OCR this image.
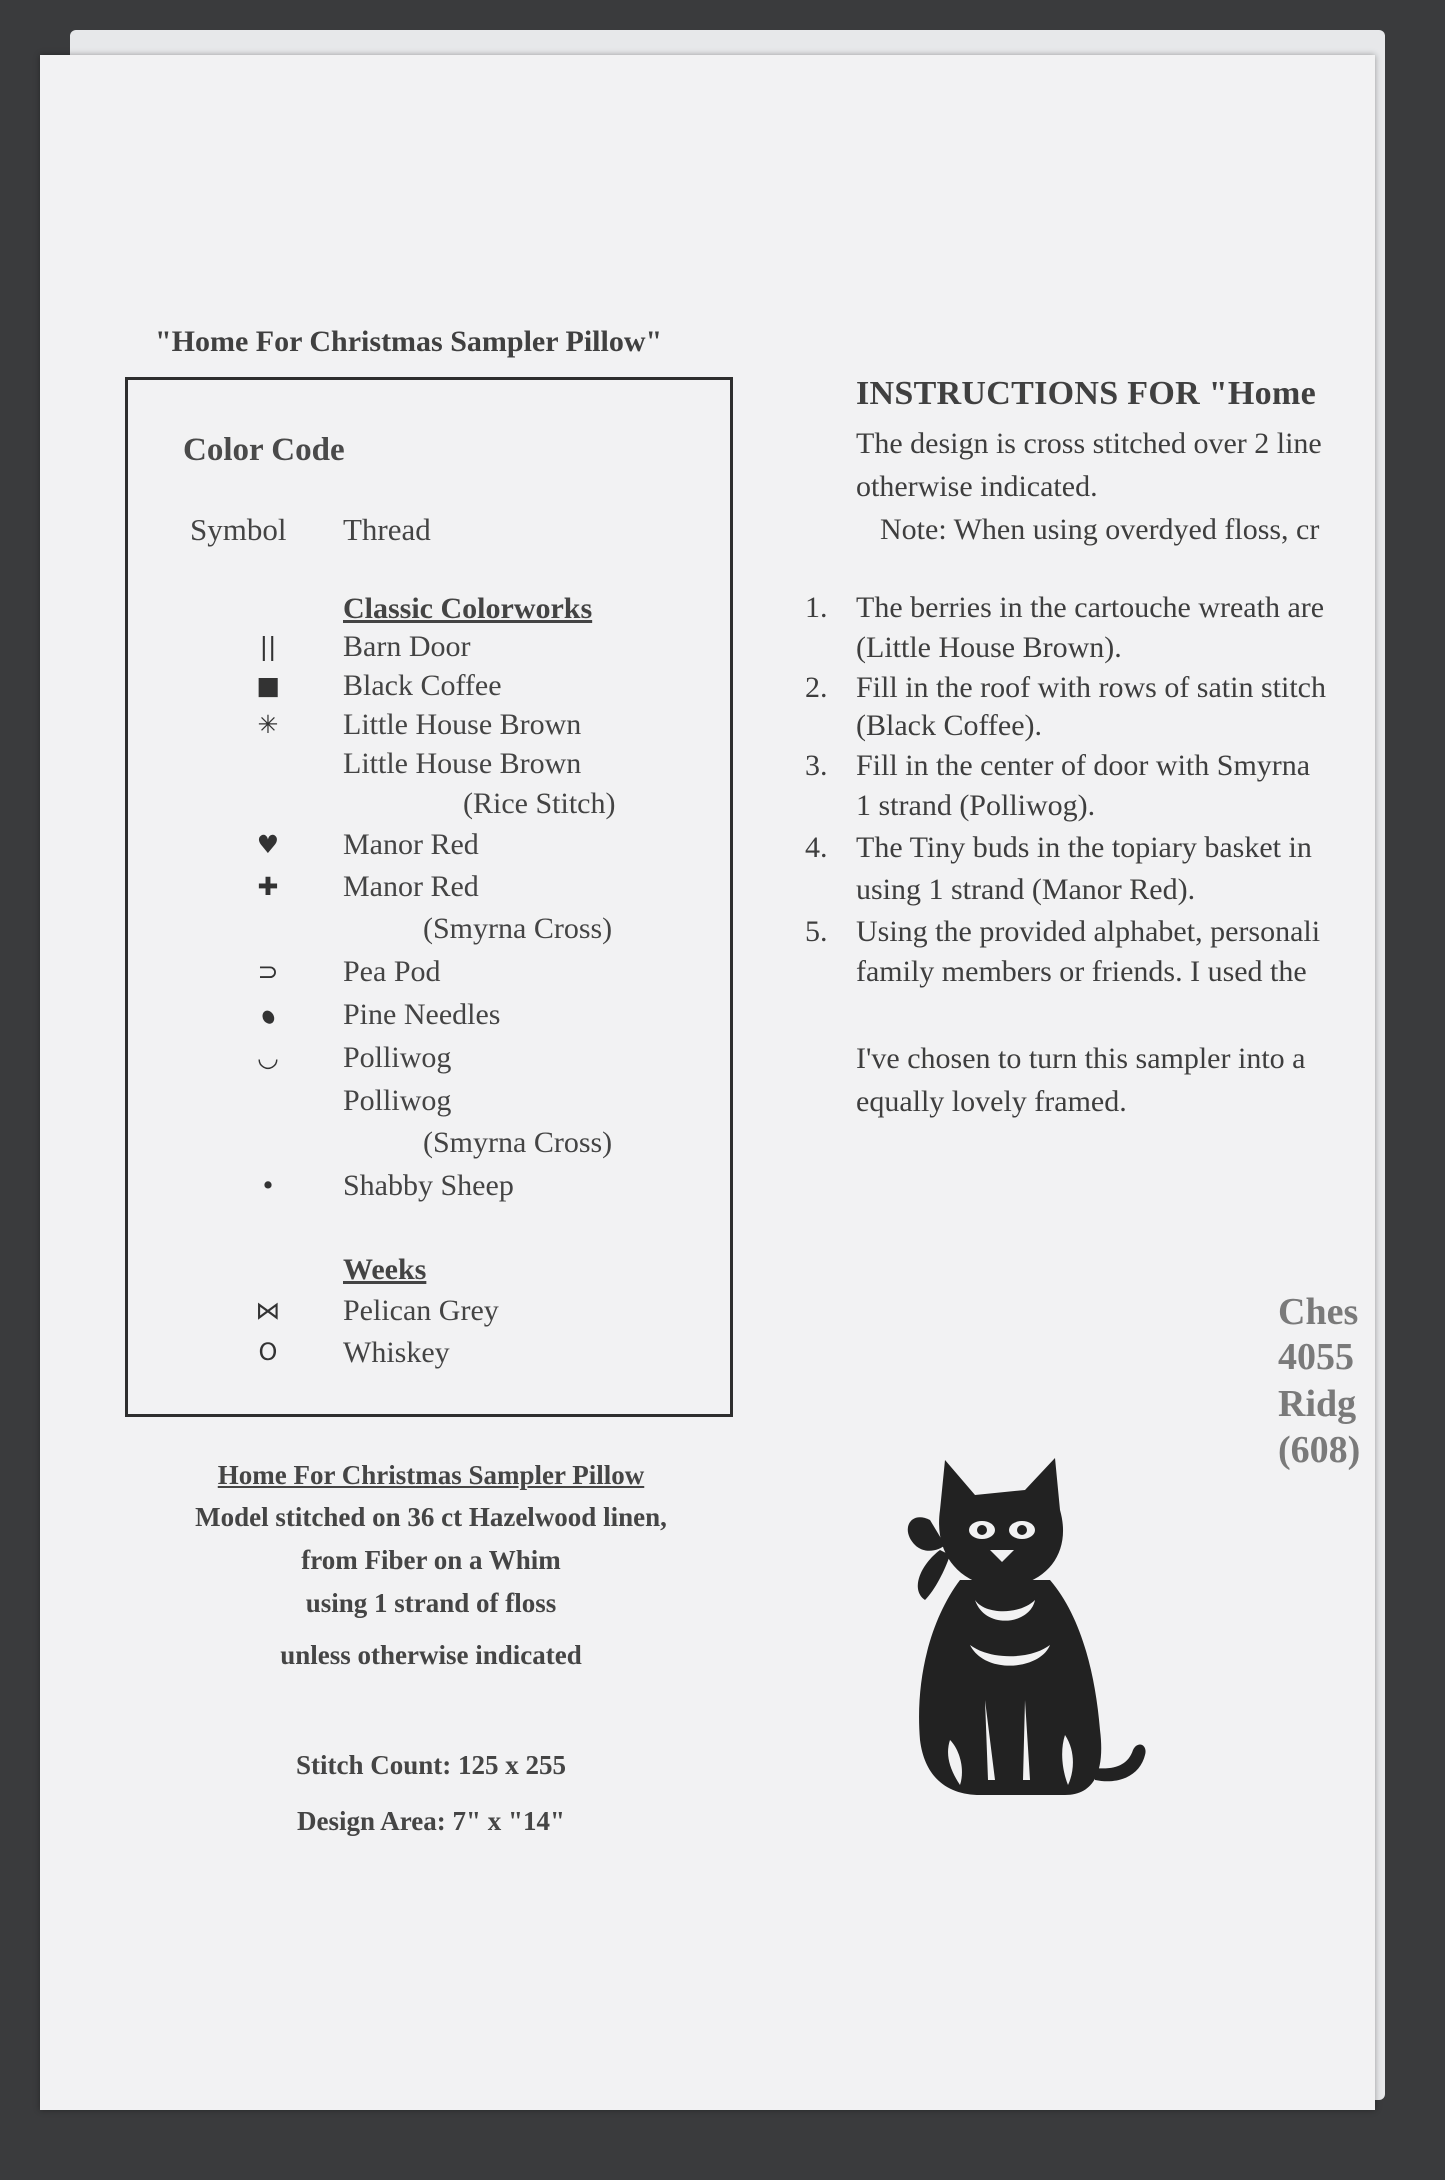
"Home For Christmas Sampler Pillow"
Color Code
Symbol Thread
Classic Colorworks
||	Barn Door
■	Black Coffee
✳	Little House Brown
Little House Brown
(Rice Stitch)
♥	Manor Red
✚	Manor Red
(Smyrna Cross)
⊃	Pea Pod
●	Pine Needles
◡	Polliwog
Polliwog
(Smyrna Cross)
•	Shabby Sheep
Weeks
⋈	Pelican Grey
O	Whiskey
Home For Christmas Sampler Pillow
Model stitched on 36 ct Hazelwood linen,
from Fiber on a Whim
using 1 strand of floss
unless otherwise indicated
Stitch Count: 125 x 255
Design Area: 7" x "14"
INSTRUCTIONS FOR "Home
The design is cross stitched over 2 line
otherwise indicated.
Note: When using overdyed floss, cr
1. The berries in the cartouche wreath are
(Little House Brown).
2. Fill in the roof with rows of satin stitch
(Black Coffee).
3. Fill in the center of door with Smyrna
1 strand (Polliwog).
4. The Tiny buds in the topiary basket in
using 1 strand (Manor Red).
5. Using the provided alphabet, personali
family members or friends. I used the
I've chosen to turn this sampler into a
equally lovely framed.
Ches
4055
Ridg
(608)
